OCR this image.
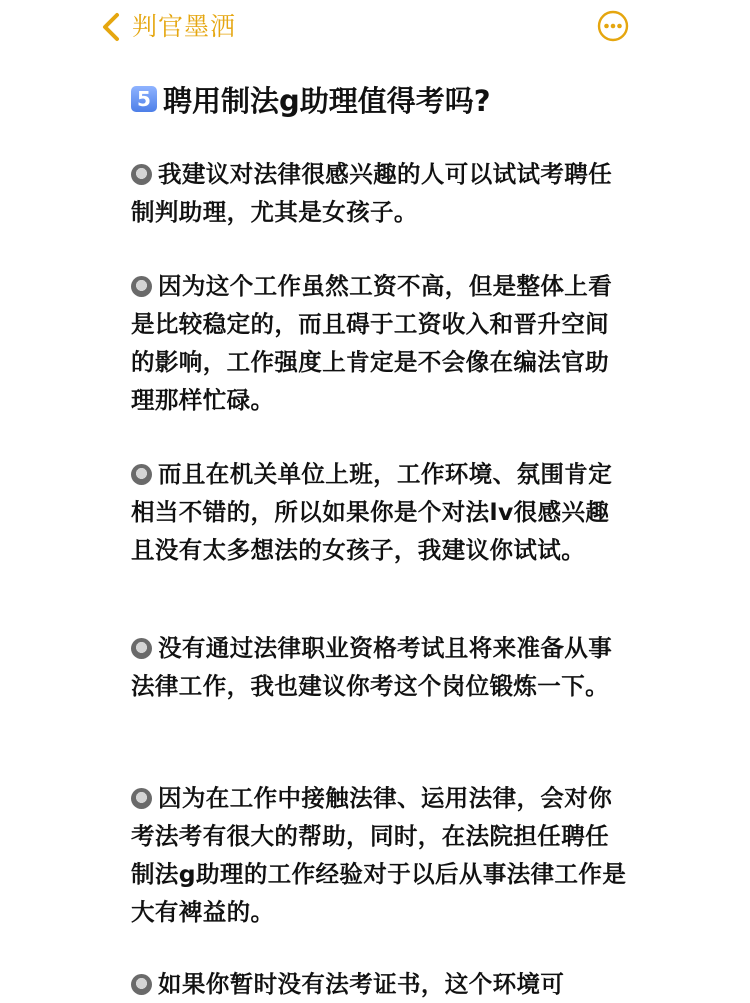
判官墨洒
5 聘用制法g助理值得考吗?

我建议对法律很感兴趣的人可以试试考聘任制判助理，尤其是女孩子。

因为这个工作虽然工资不高，但是整体上看是比较稳定的，而且碍于工资收入和晋升空间的影响，工作强度上肯定是不会像在编法官助理那样忙碌。

而且在机关单位上班，工作环境、氛围肯定相当不错的，所以如果你是个对法lv很感兴趣且没有太多想法的女孩子，我建议你试试。

没有通过法律职业资格考试且将来准备从事法律工作，我也建议你考这个岗位锻炼一下。

因为在工作中接触法律、运用法律，会对你考法考有很大的帮助，同时，在法院担任聘任制法g助理的工作经验对于以后从事法律工作是大有裨益的。

如果你暂时没有法考证书，这个环境可
